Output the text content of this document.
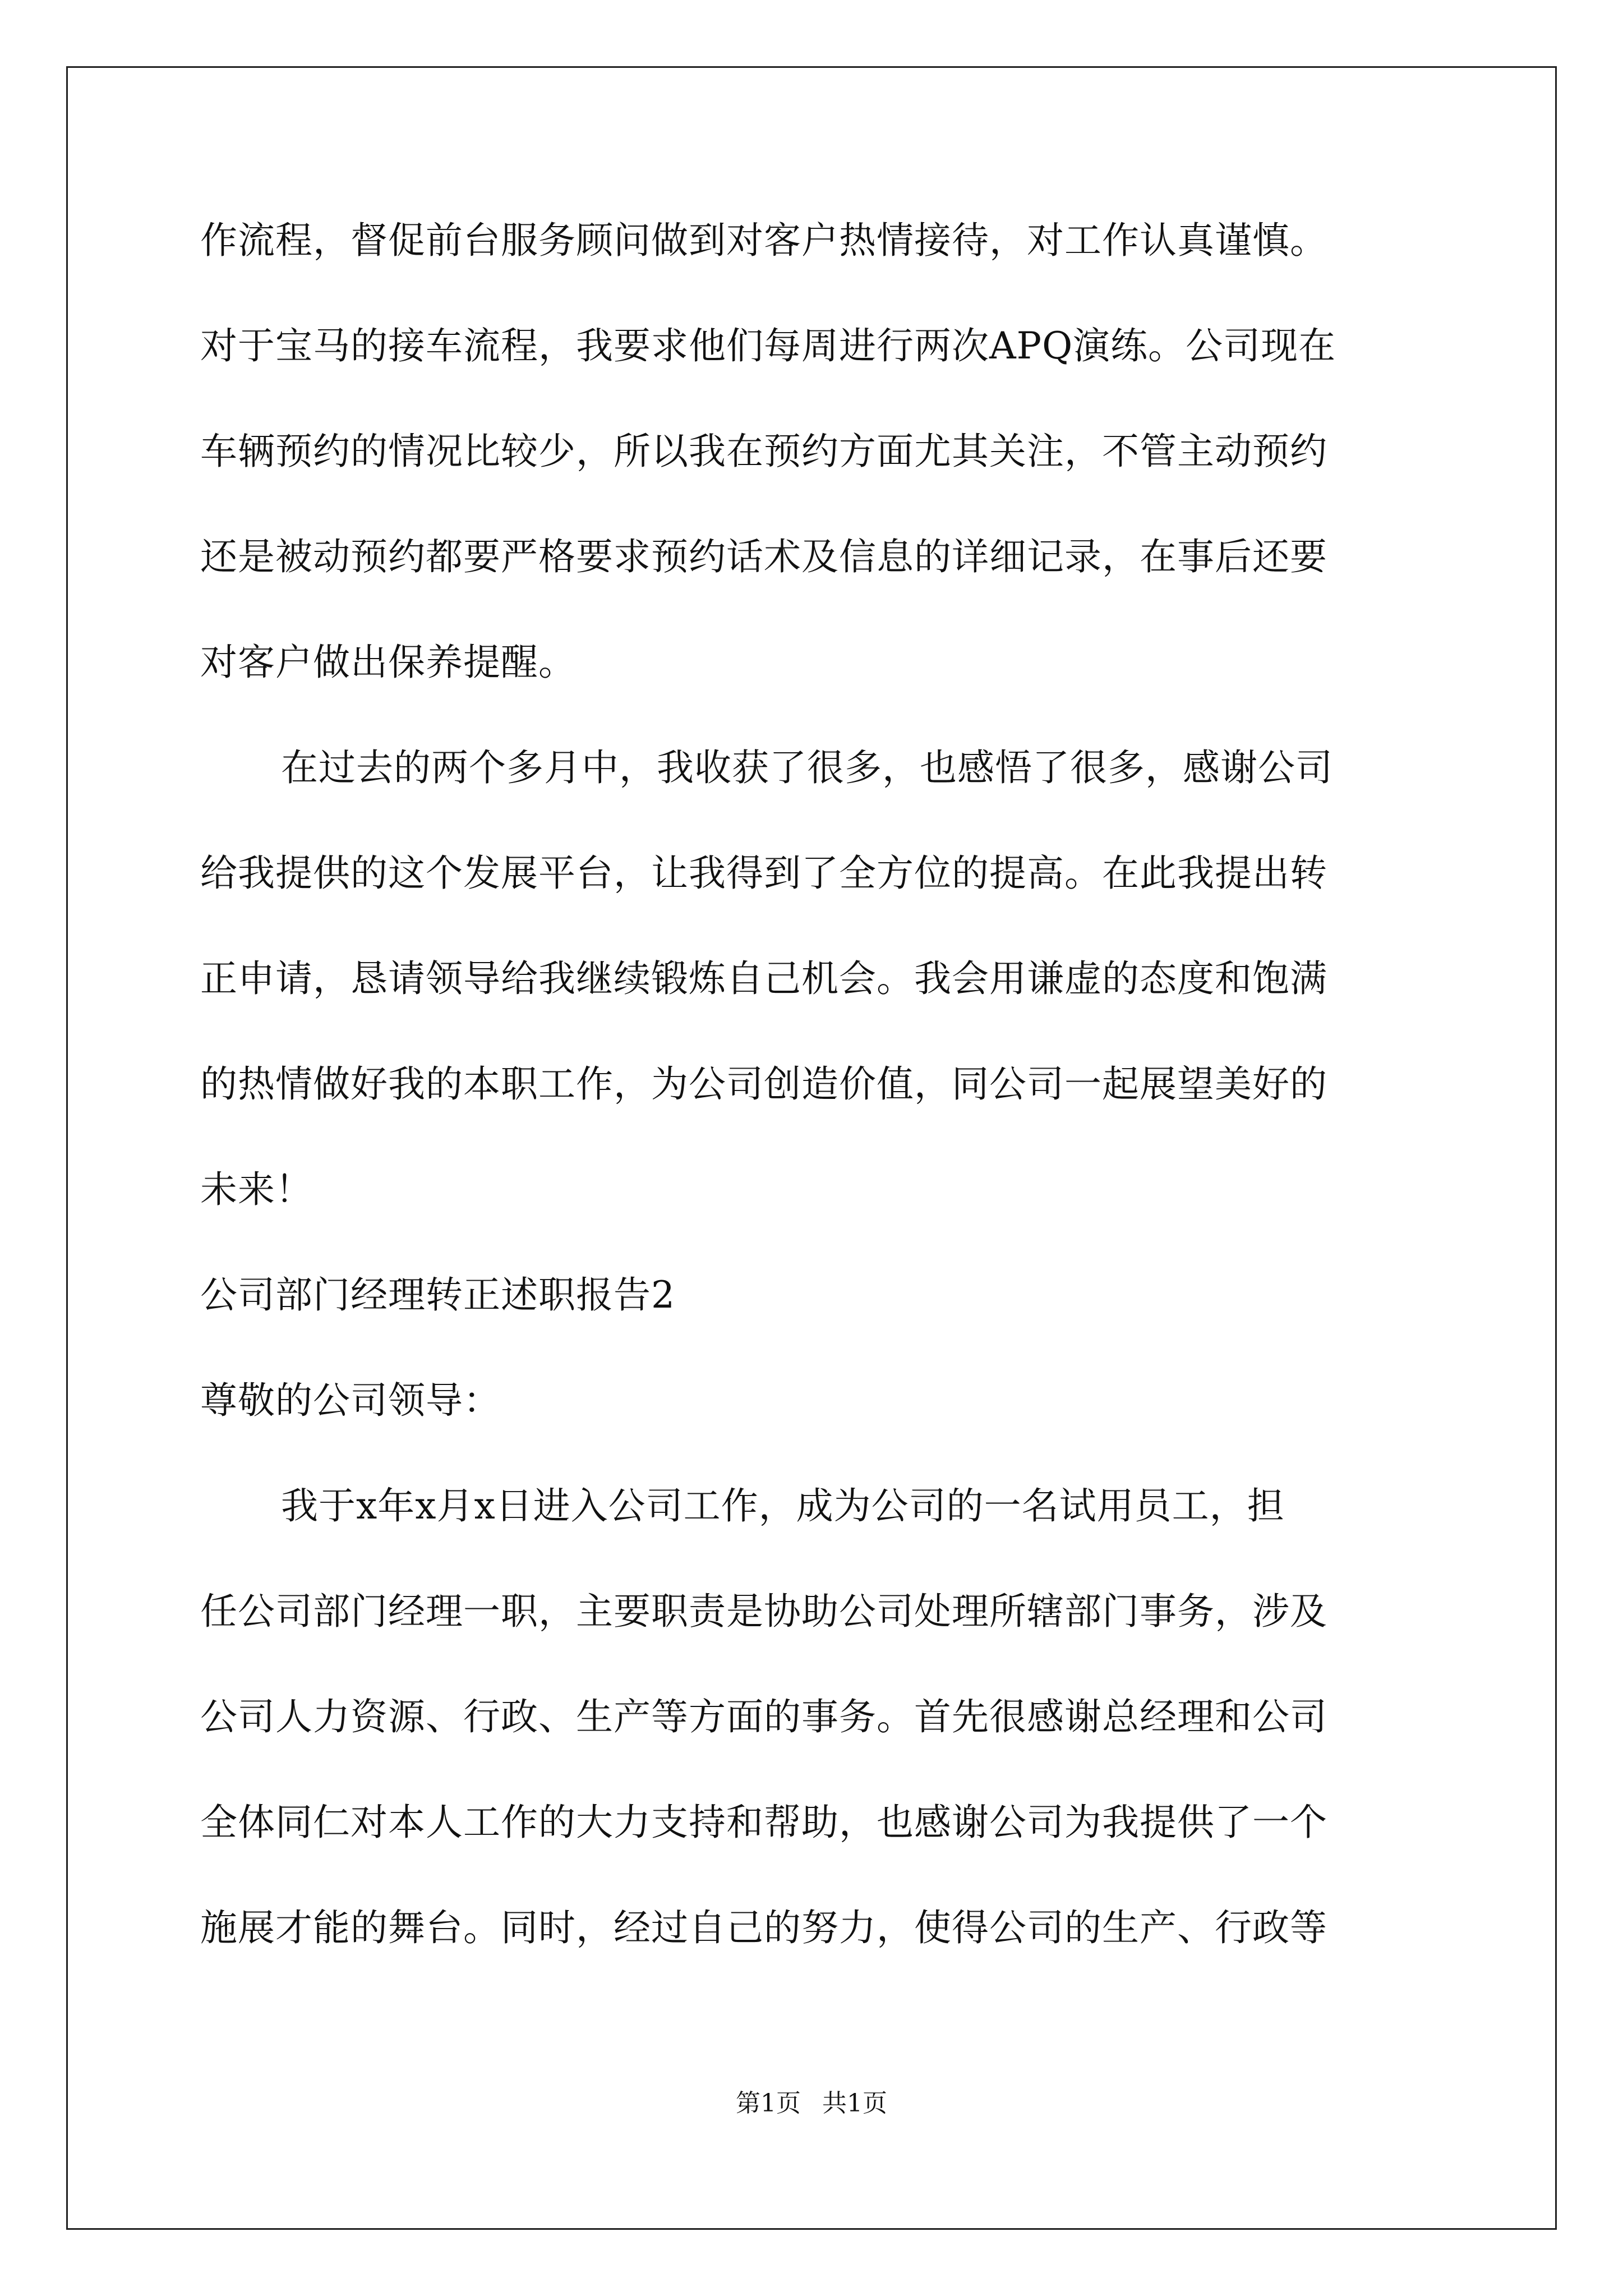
作流程，督促前台服务顾问做到对客户热情接待，对工作认真谨慎。
对于宝马的接车流程，我要求他们每周进行两次APQ演练。公司现在
车辆预约的情况比较少，所以我在预约方面尤其关注，不管主动预约
还是被动预约都要严格要求预约话术及信息的详细记录，在事后还要
对客户做出保养提醒。
在过去的两个多月中，我收获了很多，也感悟了很多，感谢公司
给我提供的这个发展平台，让我得到了全方位的提高。在此我提出转
正申请，恳请领导给我继续锻炼自己机会。我会用谦虚的态度和饱满
的热情做好我的本职工作，为公司创造价值，同公司一起展望美好的
未来！
公司部门经理转正述职报告2
尊敬的公司领导：
我于x年x月x日进入公司工作，成为公司的一名试用员工，担
任公司部门经理一职，主要职责是协助公司处理所辖部门事务，涉及
公司人力资源、行政、生产等方面的事务。首先很感谢总经理和公司
全体同仁对本人工作的大力支持和帮助，也感谢公司为我提供了一个
施展才能的舞台。同时，经过自己的努力，使得公司的生产、行政等
第1页 共1页
